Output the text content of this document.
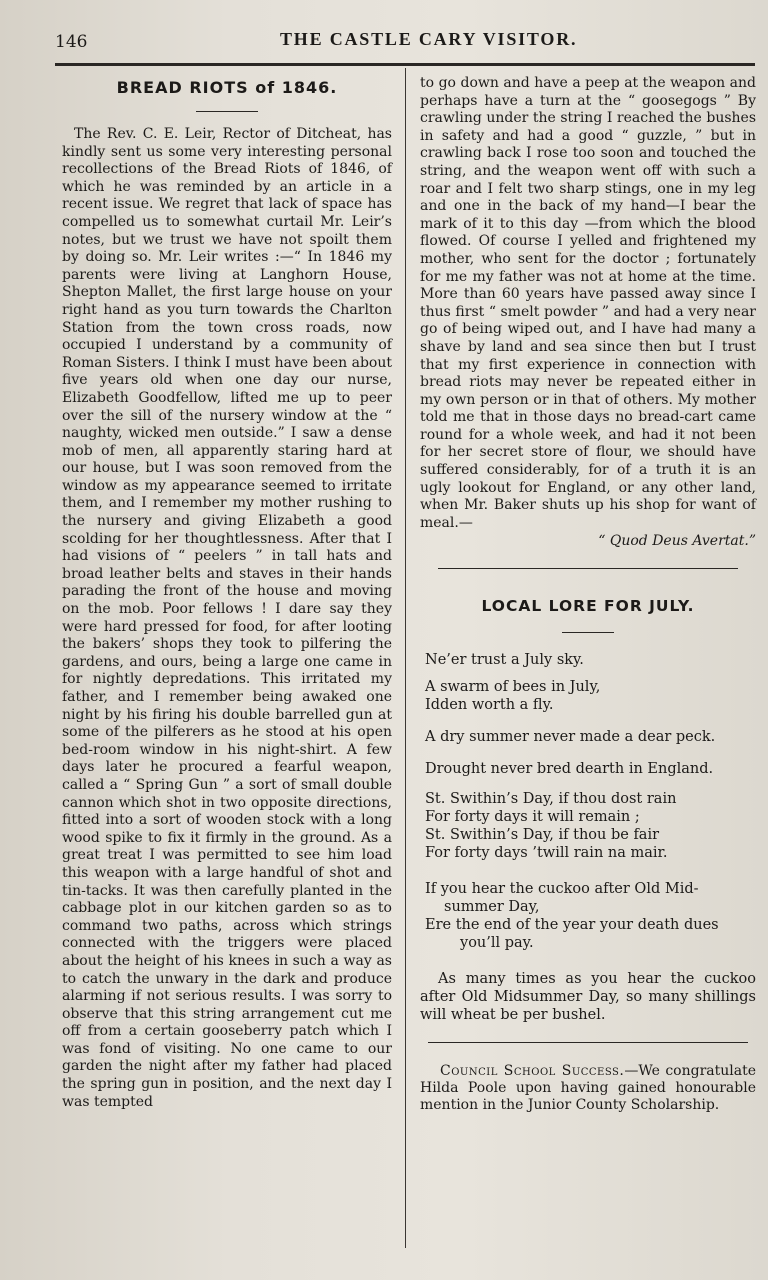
146	THE CASTLE CARY VISITOR.
BREAD RIOTS of 1846.

The Rev. C. E. Leir, Rector of Ditcheat, has kindly sent us some very interesting personal recollections of the Bread Riots of 1846, of which he was reminded by an article in a recent issue. We regret that lack of space has compelled us to somewhat curtail Mr. Leir’s notes, but we trust we have not spoilt them by doing so. Mr. Leir writes :—“ In 1846 my parents were living at Langhorn House, Shepton Mallet, the first large house on your right hand as you turn towards the Charlton Station from the town cross roads, now occupied I understand by a community of Roman Sisters. I think I must have been about five years old when one day our nurse, Elizabeth Goodfellow, lifted me up to peer over the sill of the nursery window at the “ naughty, wicked men outside.” I saw a dense mob of men, all apparently staring hard at our house, but I was soon removed from the window as my appearance seemed to irritate them, and I remember my mother rushing to the nursery and giving Elizabeth a good scolding for her thoughtlessness. After that I had visions of “ peelers ” in tall hats and broad leather belts and staves in their hands parading the front of the house and moving on the mob. Poor fellows ! I dare say they were hard pressed for food, for after looting the bakers’ shops they took to pilfering the gardens, and ours, being a large one came in for nightly depredations. This irritated my father, and I remember being awaked one night by his firing his double barrelled gun at some of the pilferers as he stood at his open bed-room window in his night-shirt. A few days later he procured a fearful weapon, called a “ Spring Gun ” a sort of small double cannon which shot in two opposite directions, fitted into a sort of wooden stock with a long wood spike to fix it firmly in the ground. As a great treat I was permitted to see him load this weapon with a large handful of shot and tin-tacks. It was then carefully planted in the cabbage plot in our kitchen garden so as to command two paths, across which strings connected with the triggers were placed about the height of his knees in such a way as to catch the unwary in the dark and produce alarming if not serious results. I was sorry to observe that this string arrangement cut me off from a certain gooseberry patch which I was fond of visiting. No one came to our garden the night after my father had placed the spring gun in position, and the next day I was tempted

to go down and have a peep at the weapon and perhaps have a turn at the “ goosegogs ” By crawling under the string I reached the bushes in safety and had a good “ guzzle, ” but in crawling back I rose too soon and touched the string, and the weapon went off with such a roar and I felt two sharp stings, one in my leg and one in the back of my hand—I bear the mark of it to this day —from which the blood flowed. Of course I yelled and frightened my mother, who sent for the doctor ; fortunately for me my father was not at home at the time. More than 60 years have passed away since I thus first “ smelt powder ” and had a very near go of being wiped out, and I have had many a shave by land and sea since then but I trust that my first experience in connection with bread riots may never be repeated either in my own person or in that of others. My mother told me that in those days no bread-cart came round for a whole week, and had it not been for her secret store of flour, we should have suffered considerably, for of a truth it is an ugly lookout for England, or any other land, when Mr. Baker shuts up his shop for want of meal.—

“ Quod Deus Avertat.”

LOCAL LORE FOR JULY.

Ne’er trust a July sky.

A swarm of bees in July,

Idden worth a fly.

A dry summer never made a dear peck.

Drought never bred dearth in England.

St. Swithin’s Day, if thou dost rain

For forty days it will remain ;

St. Swithin’s Day, if thou be fair

For forty days ’twill rain na mair.

If you hear the cuckoo after Old Mid-

summer Day,

Ere the end of the year your death dues

you’ll pay.

As many times as you hear the cuckoo after Old Midsummer Day, so many shillings will wheat be per bushel.

Council School Success.—We congratulate Hilda Poole upon having gained honourable mention in the Junior County Scholarship.
